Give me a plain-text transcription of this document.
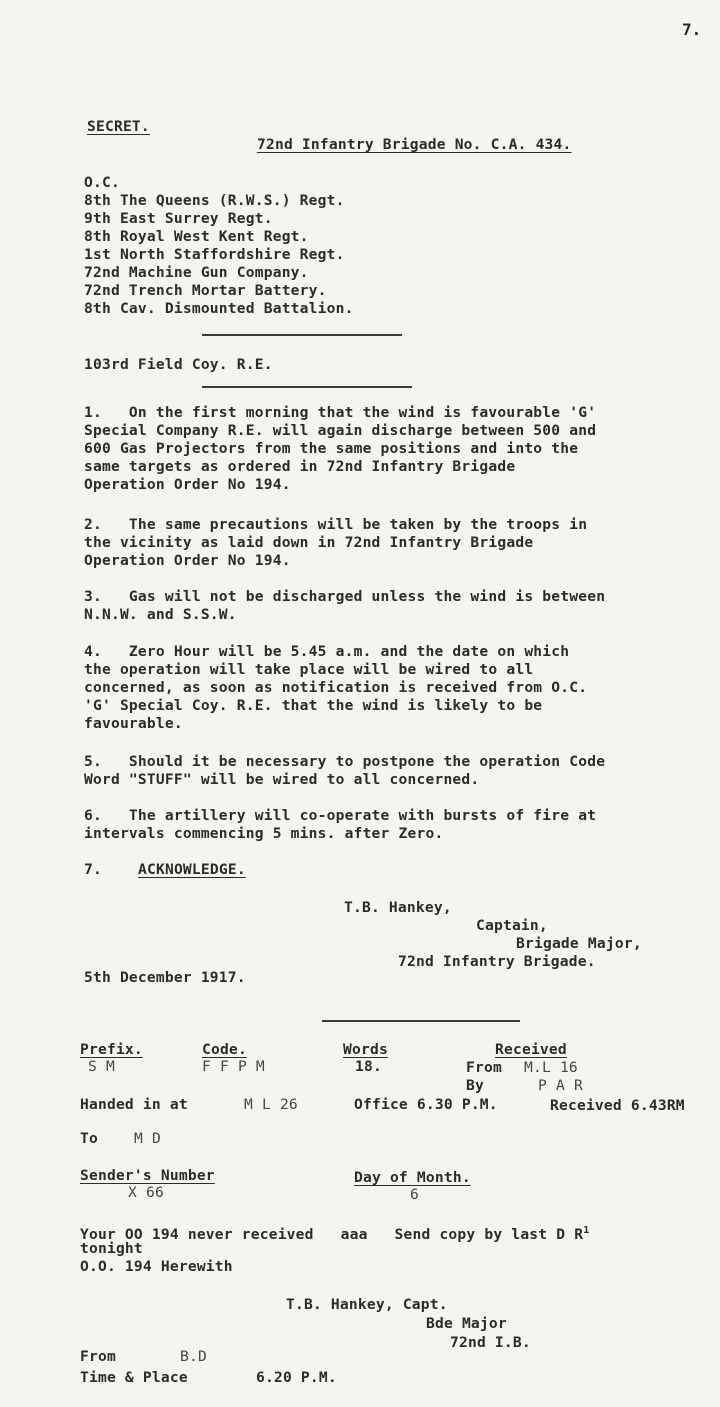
7.
SECRET.
72nd Infantry Brigade No. C.A. 434.
O.C.
8th The Queens (R.W.S.) Regt.
9th East Surrey Regt.
8th Royal West Kent Regt.
1st North Staffordshire Regt.
72nd Machine Gun Company.
72nd Trench Mortar Battery.
8th Cav. Dismounted Battalion.
103rd Field Coy. R.E.
1.   On the first morning that the wind is favourable 'G'
Special Company R.E. will again discharge between 500 and
600 Gas Projectors from the same positions and into the
same targets as ordered in 72nd Infantry Brigade
Operation Order No 194.
2.   The same precautions will be taken by the troops in
the vicinity as laid down in 72nd Infantry Brigade
Operation Order No 194.
3.   Gas will not be discharged unless the wind is between
N.N.W. and S.S.W.
4.   Zero Hour will be 5.45 a.m. and the date on which
the operation will take place will be wired to all
concerned, as soon as notification is received from O.C.
'G' Special Coy. R.E. that the wind is likely to be
favourable.
5.   Should it be necessary to postpone the operation Code
Word "STUFF" will be wired to all concerned.
6.   The artillery will co-operate with bursts of fire at
intervals commencing 5 mins. after Zero.
7. ACKNOWLEDGE.
T.B. Hankey,
Captain,
Brigade Major,
72nd Infantry Brigade.
5th December 1917.
Prefix.
S M
Code.
F F P M
Words
18.
Received
From M.L 16
By	P A R
Handed in at	M L 26	Office 6.30 P.M.	Received 6.43RM
To M D
Sender's Number
X 66
Day of Month.
6
Your OO 194 never received   aaa   Send copy by last D $R^1$
tonight
O.O. 194 Herewith
T.B. Hankey, Capt.
Bde Major
72nd I.B.
From	B.D
Time & Place	6.20 P.M.
